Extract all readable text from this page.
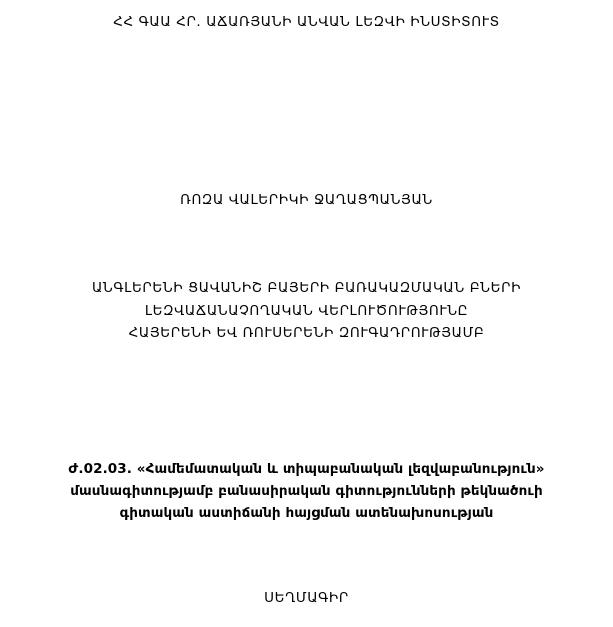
ՀՀ ԳԱԱ ՀՐ. ԱՃԱՌՅԱՆԻ ԱՆՎԱՆ ԼԵԶՎԻ ԻՆՍՏԻՏՈՒՏ
ՌՈԶԱ ՎԱԼԵՐԻԿԻ ՋԱՂԱՑՊԱՆՅԱՆ
ԱՆԳԼԵՐԵՆԻ ՑԱՎԱՆԻՇ ԲԱՅԵՐԻ ԲԱՌԱԿԱԶՄԱԿԱՆ ԲՆԵՐԻ
ԼԵԶՎԱՃԱՆԱՉՈՂԱԿԱՆ ՎԵՐԼՈՒԾՈՒԹՅՈՒՆԸ
ՀԱՅԵՐԵՆԻ ԵՎ ՌՈՒՍԵՐԵՆԻ ԶՈՒԳԱԴՐՈՒԹՅԱՄԲ
Ժ.02.03. «Համեմատական և տիպաբանական լեզվաբանություն»
մասնագիտությամբ բանասիրական գիտությունների թեկնածուի
գիտական աստիճանի հայցման ատենախոսության
ՍԵՂՄԱԳԻՐ
